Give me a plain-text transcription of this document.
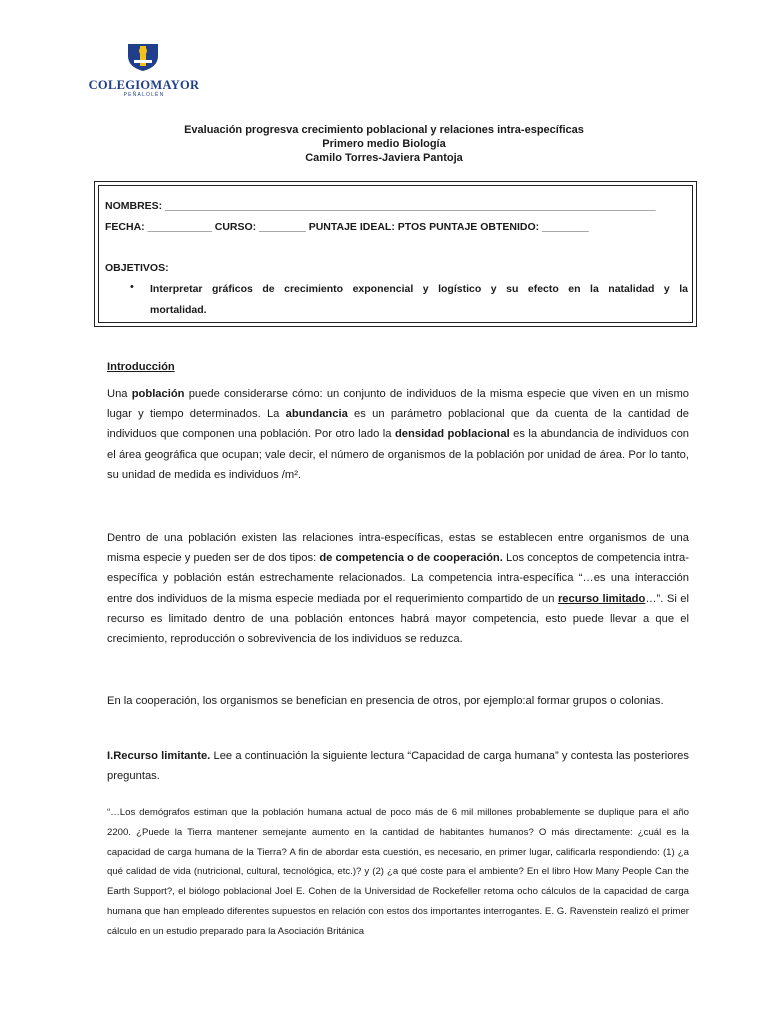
COLEGIOMAYOR
PEÑALOLÉN
Evaluación progresva crecimiento poblacional y relaciones intra-específicas
Primero medio Biología
Camilo Torres-Javiera Pantoja
NOMBRES: ____________________________________________________________________________________
FECHA: ___________ CURSO: ________ PUNTAJE IDEAL: PTOS PUNTAJE OBTENIDO: ________
OBJETIVOS:
• Interpretar gráficos de crecimiento exponencial y logístico y su efecto en la natalidad y la
mortalidad.
Introducción
Una población puede considerarse cómo: un conjunto de individuos de la misma especie que viven en un mismo lugar y tiempo determinados. La abundancia es un parámetro poblacional que da cuenta de la cantidad de individuos que componen una población. Por otro lado la densidad poblacional es la abundancia de individuos con el área geográfica que ocupan; vale decir, el número de organismos de la población por unidad de área. Por lo tanto, su unidad de medida es individuos /m².
Dentro de una población existen las relaciones intra-específicas, estas se establecen entre organismos de una misma especie y pueden ser de dos tipos: de competencia o de cooperación. Los conceptos de competencia intra-específica y población están estrechamente relacionados. La competencia intra-específica “…es una interacción entre dos individuos de la misma especie mediada por el requerimiento compartido de un recurso limitado…”. Si el recurso es limitado dentro de una población entonces habrá mayor competencia, esto puede llevar a que el crecimiento, reproducción o sobrevivencia de los individuos se reduzca.
En la cooperación, los organismos se benefician en presencia de otros, por ejemplo:al formar grupos o colonias.
I.Recurso limitante. Lee a continuación la siguiente lectura “Capacidad de carga humana” y contesta las posteriores preguntas.
“…Los demógrafos estiman que la población humana actual de poco más de 6 mil millones probablemente se duplique para el año 2200. ¿Puede la Tierra mantener semejante aumento en la cantidad de habitantes humanos? O más directamente: ¿cuál es la capacidad de carga humana de la Tierra? A fin de abordar esta cuestión, es necesario, en primer lugar, calificarla respondiendo: (1) ¿a qué calidad de vida (nutricional, cultural, tecnológica, etc.)? y (2) ¿a qué coste para el ambiente? En el libro How Many People Can the Earth Support?, el biólogo poblacional Joel E. Cohen de la Universidad de Rockefeller retoma ocho cálculos de la capacidad de carga humana que han empleado diferentes supuestos en relación con estos dos importantes interrogantes. E. G. Ravenstein realizó el primer cálculo en un estudio preparado para la Asociación Británica
